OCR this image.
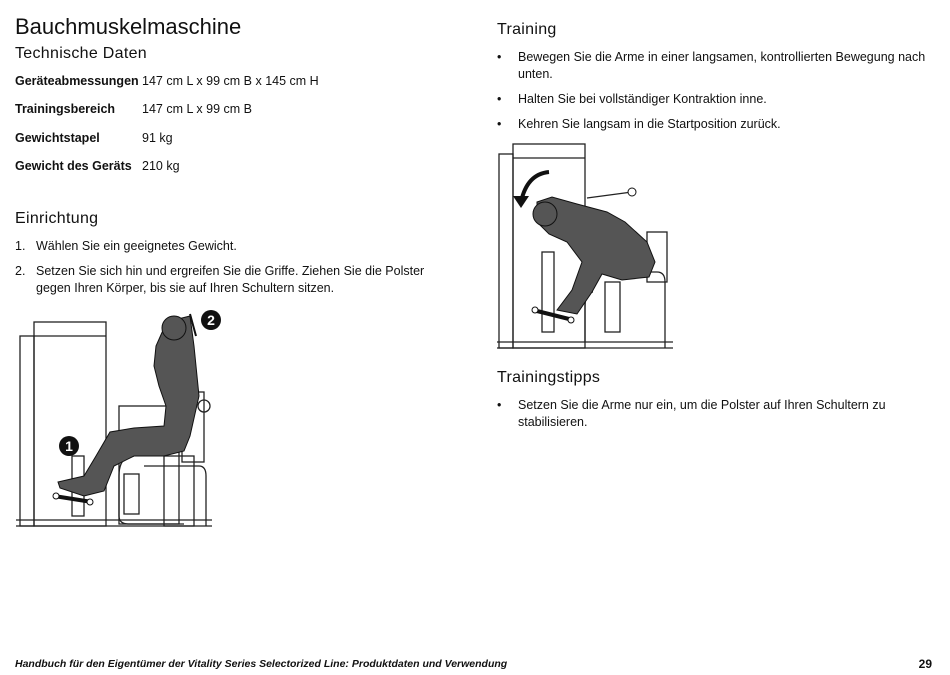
Bauchmuskelmaschine
Technische Daten
Geräteabmessungen 147 cm L x 99 cm B x 145 cm H
Trainingsbereich	147 cm L x 99 cm B
Gewichtstapel	91 kg
Gewicht des Geräts 210 kg
Einrichtung
1. Wählen Sie ein geeignetes Gewicht.
2. Setzen Sie sich hin und ergreifen Sie die Griffe. Ziehen Sie die Polster gegen Ihren Körper, bis sie auf Ihren Schultern sitzen.
1
2
Training
• Bewegen Sie die Arme in einer langsamen, kontrollierten Bewegung nach unten.
• Halten Sie bei vollständiger Kontraktion inne.
• Kehren Sie langsam in die Startposition zurück.
Trainingstipps
• Setzen Sie die Arme nur ein, um die Polster auf Ihren Schultern zu stabilisieren.
Handbuch für den Eigentümer der Vitality Series Selectorized Line: Produktdaten und Verwendung	29
